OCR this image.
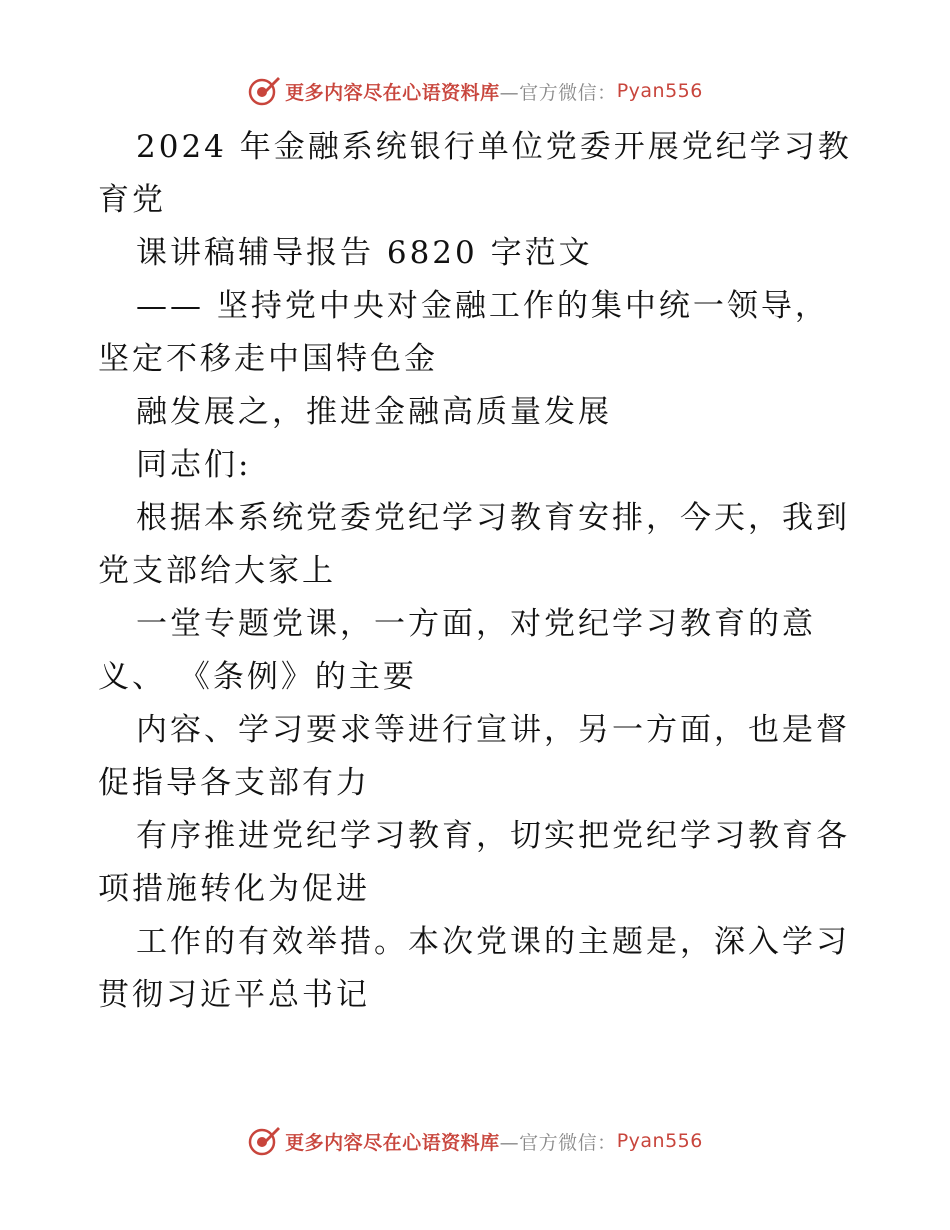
更多内容尽在心语资料库 —官方微信： Pyan556
2024 年金融系统银行单位党委开展党纪学习教
育党
课讲稿辅导报告 6820 字范文
—— 坚持党中央对金融工作的集中统一领导，
坚定不移走中国特色金
融发展之，推进金融高质量发展
同志们:
根据本系统党委党纪学习教育安排，今天，我到
党支部给大家上
一堂专题党课，一方面，对党纪学习教育的意
义、 《条例》的主要
内容、学习要求等进行宣讲，另一方面，也是督
促指导各支部有力
有序推进党纪学习教育，切实把党纪学习教育各
项措施转化为促进
工作的有效举措。本次党课的主题是，深入学习
贯彻习近平总书记
更多内容尽在心语资料库 —官方微信： Pyan556
